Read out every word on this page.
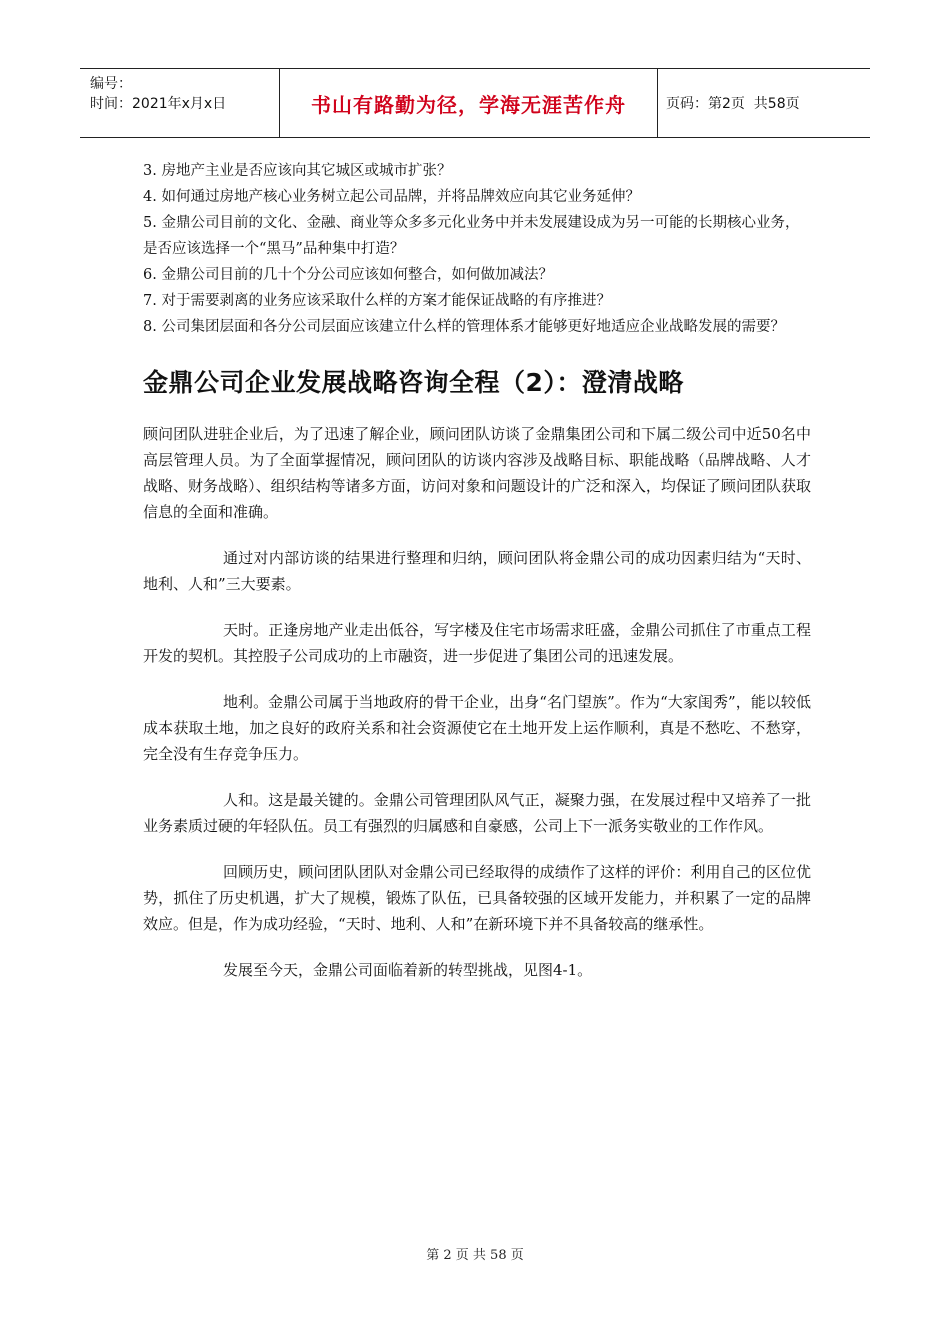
编号：
时间：2021年x月x日	书山有路勤为径，学海无涯苦作舟	页码：第2页  共58页

3. 房地产主业是否应该向其它城区或城市扩张？

4. 如何通过房地产核心业务树立起公司品牌，并将品牌效应向其它业务延伸？

5. 金鼎公司目前的文化、金融、商业等众多多元化业务中并未发展建设成为另一可能的长期核心业务，是否应该选择一个“黑马”品种集中打造？

6. 金鼎公司目前的几十个分公司应该如何整合，如何做加减法？

7. 对于需要剥离的业务应该采取什么样的方案才能保证战略的有序推进？

8. 公司集团层面和各分公司层面应该建立什么样的管理体系才能够更好地适应企业战略发展的需要？

金鼎公司企业发展战略咨询全程（2）：澄清战略

顾问团队进驻企业后，为了迅速了解企业，顾问团队访谈了金鼎集团公司和下属二级公司中近50名中高层管理人员。为了全面掌握情况，顾问团队的访谈内容涉及战略目标、职能战略（品牌战略、人才战略、财务战略）、组织结构等诸多方面，访问对象和问题设计的广泛和深入，均保证了顾问团队获取信息的全面和准确。

通过对内部访谈的结果进行整理和归纳，顾问团队将金鼎公司的成功因素归结为“天时、地利、人和”三大要素。

天时。正逢房地产业走出低谷，写字楼及住宅市场需求旺盛，金鼎公司抓住了市重点工程开发的契机。其控股子公司成功的上市融资，进一步促进了集团公司的迅速发展。

地利。金鼎公司属于当地政府的骨干企业，出身“名门望族”。作为“大家闺秀”，能以较低成本获取土地，加之良好的政府关系和社会资源使它在土地开发上运作顺利，真是不愁吃、不愁穿，完全没有生存竞争压力。

人和。这是最关键的。金鼎公司管理团队风气正，凝聚力强，在发展过程中又培养了一批业务素质过硬的年轻队伍。员工有强烈的归属感和自豪感，公司上下一派务实敬业的工作作风。

回顾历史，顾问团队团队对金鼎公司已经取得的成绩作了这样的评价：利用自己的区位优势，抓住了历史机遇，扩大了规模，锻炼了队伍，已具备较强的区域开发能力，并积累了一定的品牌效应。但是，作为成功经验，“天时、地利、人和”在新环境下并不具备较高的继承性。

发展至今天，金鼎公司面临着新的转型挑战，见图4-1。

第 2 页 共 58 页
